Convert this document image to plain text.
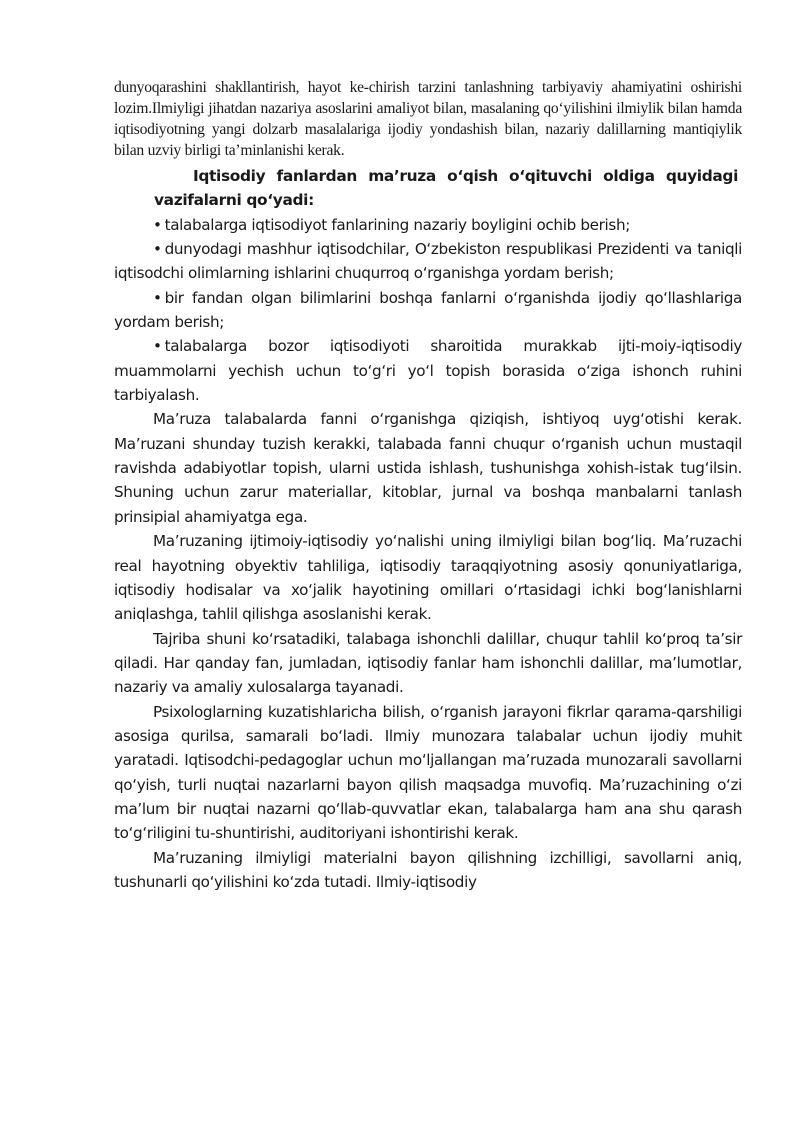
dunyoqarashini shakllantirish, hayot ke-chirish tarzini tanlashning tarbiyaviy ahamiyatini oshirishi lozim.Ilmiyligi jihatdan nazariya asoslarini amaliyot bilan, masalaning qo‘yilishini ilmiylik bilan hamda iqtisodiyotning yangi dolzarb masalalariga ijodiy yondashish bilan, nazariy dalillarning mantiqiylik bilan uzviy birligi ta’minlanishi kerak.

Iqtisodiy fanlardan ma’ruza o‘qish o‘qituvchi oldiga quyidagi vazifalarni qo‘yadi:

• talabalarga iqtisodiyot fanlarining nazariy boyligini ochib berish;

• dunyodagi mashhur iqtisodchilar, O‘zbekiston respublikasi Prezidenti va taniqli iqtisodchi olimlarning ishlarini chuqurroq o‘rganishga yordam berish;

• bir fandan olgan bilimlarini boshqa fanlarni o‘rganishda ijodiy qo‘llashlariga yordam berish;

• talabalarga bozor iqtisodiyoti sharoitida murakkab ijti-moiy-iqtisodiy muammolarni yechish uchun to‘g‘ri yo‘l topish borasida o‘ziga ishonch ruhini tarbiyalash.

Ma’ruza talabalarda fanni o‘rganishga qiziqish, ishtiyoq uyg‘otishi kerak. Ma’ruzani shunday tuzish kerakki, talabada fanni chuqur o‘rganish uchun mustaqil ravishda adabiyotlar topish, ularni ustida ishlash, tushunishga xohish-istak tug‘ilsin. Shuning uchun zarur materiallar, kitoblar, jurnal va boshqa manbalarni tanlash prinsipial ahamiyatga ega.

Ma’ruzaning ijtimoiy-iqtisodiy yo‘nalishi uning ilmiyligi bilan bog‘liq. Ma’ruzachi real hayotning obyektiv tahliliga, iqtisodiy taraqqiyotning asosiy qonuniyatlariga, iqtisodiy hodisalar va xo‘jalik hayotining omillari o‘rtasidagi ichki bog‘lanishlarni aniqlashga, tahlil qilishga asoslanishi kerak.

Tajriba shuni ko‘rsatadiki, talabaga ishonchli dalillar, chuqur tahlil ko‘proq ta’sir qiladi. Har qanday fan, jumladan, iqtisodiy fanlar ham ishonchli dalillar, ma’lumotlar, nazariy va amaliy xulosalarga tayanadi.

Psixologlarning kuzatishlaricha bilish, o‘rganish jarayoni fikrlar qarama-qarshiligi asosiga qurilsa, samarali bo‘ladi. Ilmiy munozara talabalar uchun ijodiy muhit yaratadi. Iqtisodchi-pedagoglar uchun mo‘ljallangan ma’ruzada munozarali savollarni qo‘yish, turli nuqtai nazarlarni bayon qilish maqsadga muvofiq. Ma’ruzachining o‘zi ma’lum bir nuqtai nazarni qo‘llab-quvvatlar ekan, talabalarga ham ana shu qarash to‘g‘riligini tu-shuntirishi, auditoriyani ishontirishi kerak.

Ma’ruzaning ilmiyligi materialni bayon qilishning izchilligi, savollarni aniq, tushunarli qo‘yilishini ko‘zda tutadi. Ilmiy-iqtisodiy
